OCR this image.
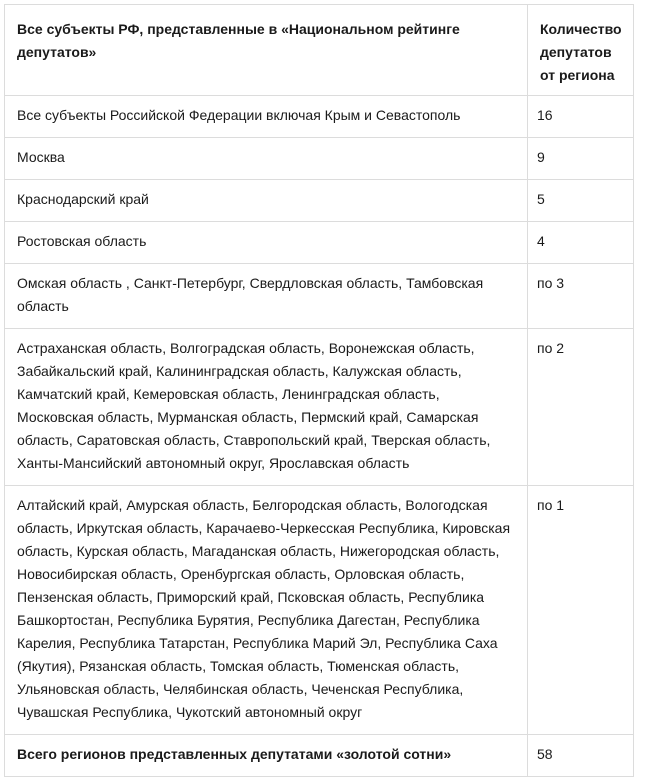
Все субъекты РФ, представленные в «Национальном рейтинге депутатов»	Количество депутатов от региона
Все субъекты Российской Федерации включая Крым и Севастополь	16
Москва	9
Краснодарский край	5
Ростовская область	4
Омская область , Санкт-Петербург, Свердловская область, Тамбовская область	по 3
Астраханская область, Волгоградская область, Воронежская область, Забайкальский край, Калининградская область, Калужская область, Камчатский край, Кемеровская область, Ленинградская область, Московская область, Мурманская область, Пермский край, Самарская область, Саратовская область, Ставропольский край, Тверская область, Ханты-Мансийский автономный округ, Ярославская область	по 2
Алтайский край, Амурская область, Белгородская область, Вологодская область, Иркутская область, Карачаево-Черкесская Республика, Кировская область, Курская область, Магаданская область, Нижегородская область, Новосибирская область, Оренбургская область, Орловская область, Пензенская область, Приморский край, Псковская область, Республика Башкортостан, Республика Бурятия, Республика Дагестан, Республика Карелия, Республика Татарстан, Республика Марий Эл, Республика Саха (Якутия), Рязанская область, Томская область, Тюменская область, Ульяновская область, Челябинская область, Чеченская Республика, Чувашская Республика, Чукотский автономный округ	по 1
Всего регионов представленных депутатами «золотой сотни»	58
